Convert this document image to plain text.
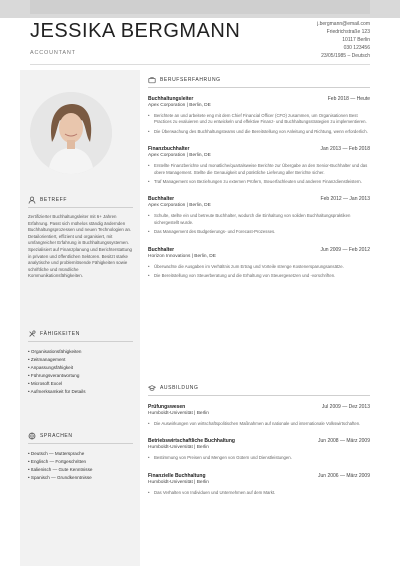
JESSIKA BERGMANN
ACCOUNTANT
j.bergmann@email.com
Friedrichstraße 123
10117 Berlin
030 123456
23/05/1985 – Deutsch
BETREFF
Zertifizierter Buchhaltungsleiter mit 6+ Jahren Erfahrung. Passt sich mühelos ständig ändernden Buchhaltungsprozessen und neuen Technologien an. Detailorientiert, effizient und organisiert, mit umfangreicher Erfahrung in Buchhaltungssystemen. Spezialisiert auf Finanzplanung und Berichterstattung in privaten und öffentlichen Sektoren. Besitzt starke analytische und problemlösende Fähigkeiten sowie schriftliche und mündliche Kommunikationsfähigkeiten.
FÄHIGKEITEN
• Organisationsfähigkeiten
• Zeitmanagement
• Anpassungsfähigkeit
• Führungsverantwortung
• Microsoft Excel
• Aufmerksamkeit für Details
SPRACHEN
• Deutsch — Muttersprache
• Englisch — Fortgeschritten
• Italienisch — Gute Kenntnisse
• Spanisch — Grundkenntnisse
BERUFSERFAHRUNG
Buchhaltungsleiter	Feb 2018 — Heute
Apex Corporation | Berlin, DE
• Berichtete an und arbeitete eng mit dem Chief Financial Officer (CFO) zusammen, um Organisationen Best Practices zu evaluieren und zu entwickeln und effektive Finanz- und Buchhaltungsstrategien zu implementieren.
• Die Überwachung des Buchhaltungsteams und die Bereitstellung von Anleitung und Richtung, wenn erforderlich.
Finanzbuchhalter	Jan 2013 — Feb 2018
Apex Corporation | Berlin, DE
• Erstellte Finanzberichte und monatliche/quartalsweise Berichte zur Übergabe an den Senior-Buchhalter und das obere Management. Stellte die Genauigkeit und pünktliche Lieferung aller Berichte sicher.
• Traf Management von Beziehungen zu externen Prüfern, Steuerfachleuten und anderen Finanzdienstleistern.
Buchhalter	Feb 2012 — Jan 2013
Apex Corporation | Berlin, DE
• Schulte, stellte ein und betreute Buchhalter, wodurch die Einhaltung von soliden Buchhaltungspraktiken sichergestellt wurde.
• Das Management des Budgetierungs- und Forecast-Prozesses.
Buchhalter	Jun 2009 — Feb 2012
Horizon Innovations | Berlin, DE
• Überwachte die Ausgaben im Verhältnis zum Ertrag und Vorteile strenge Kostenersparungsansätze.
• Die Bereitstellung von Steuerberatung und die Erhaltung von Steuergesetzen und -vorschriften.
AUSBILDUNG
Prüfungswesen	Jul 2009 — Dez 2013
Humboldt-Universität | Berlin
• Die Auswirkungen von wirtschaftspolitischen Maßnahmen auf nationale und internationale Volkswirtschaften.
Betriebswirtschaftliche Buchhaltung	Jun 2008 — März 2009
Humboldt-Universität | Berlin
• Bestimmung von Preisen und Mengen von Gütern und Dienstleistungen.
Finanzielle Buchhaltung	Jun 2006 — März 2009
Humboldt-Universität | Berlin
• Das Verhalten von Individuen und Unternehmen auf dem Markt.
